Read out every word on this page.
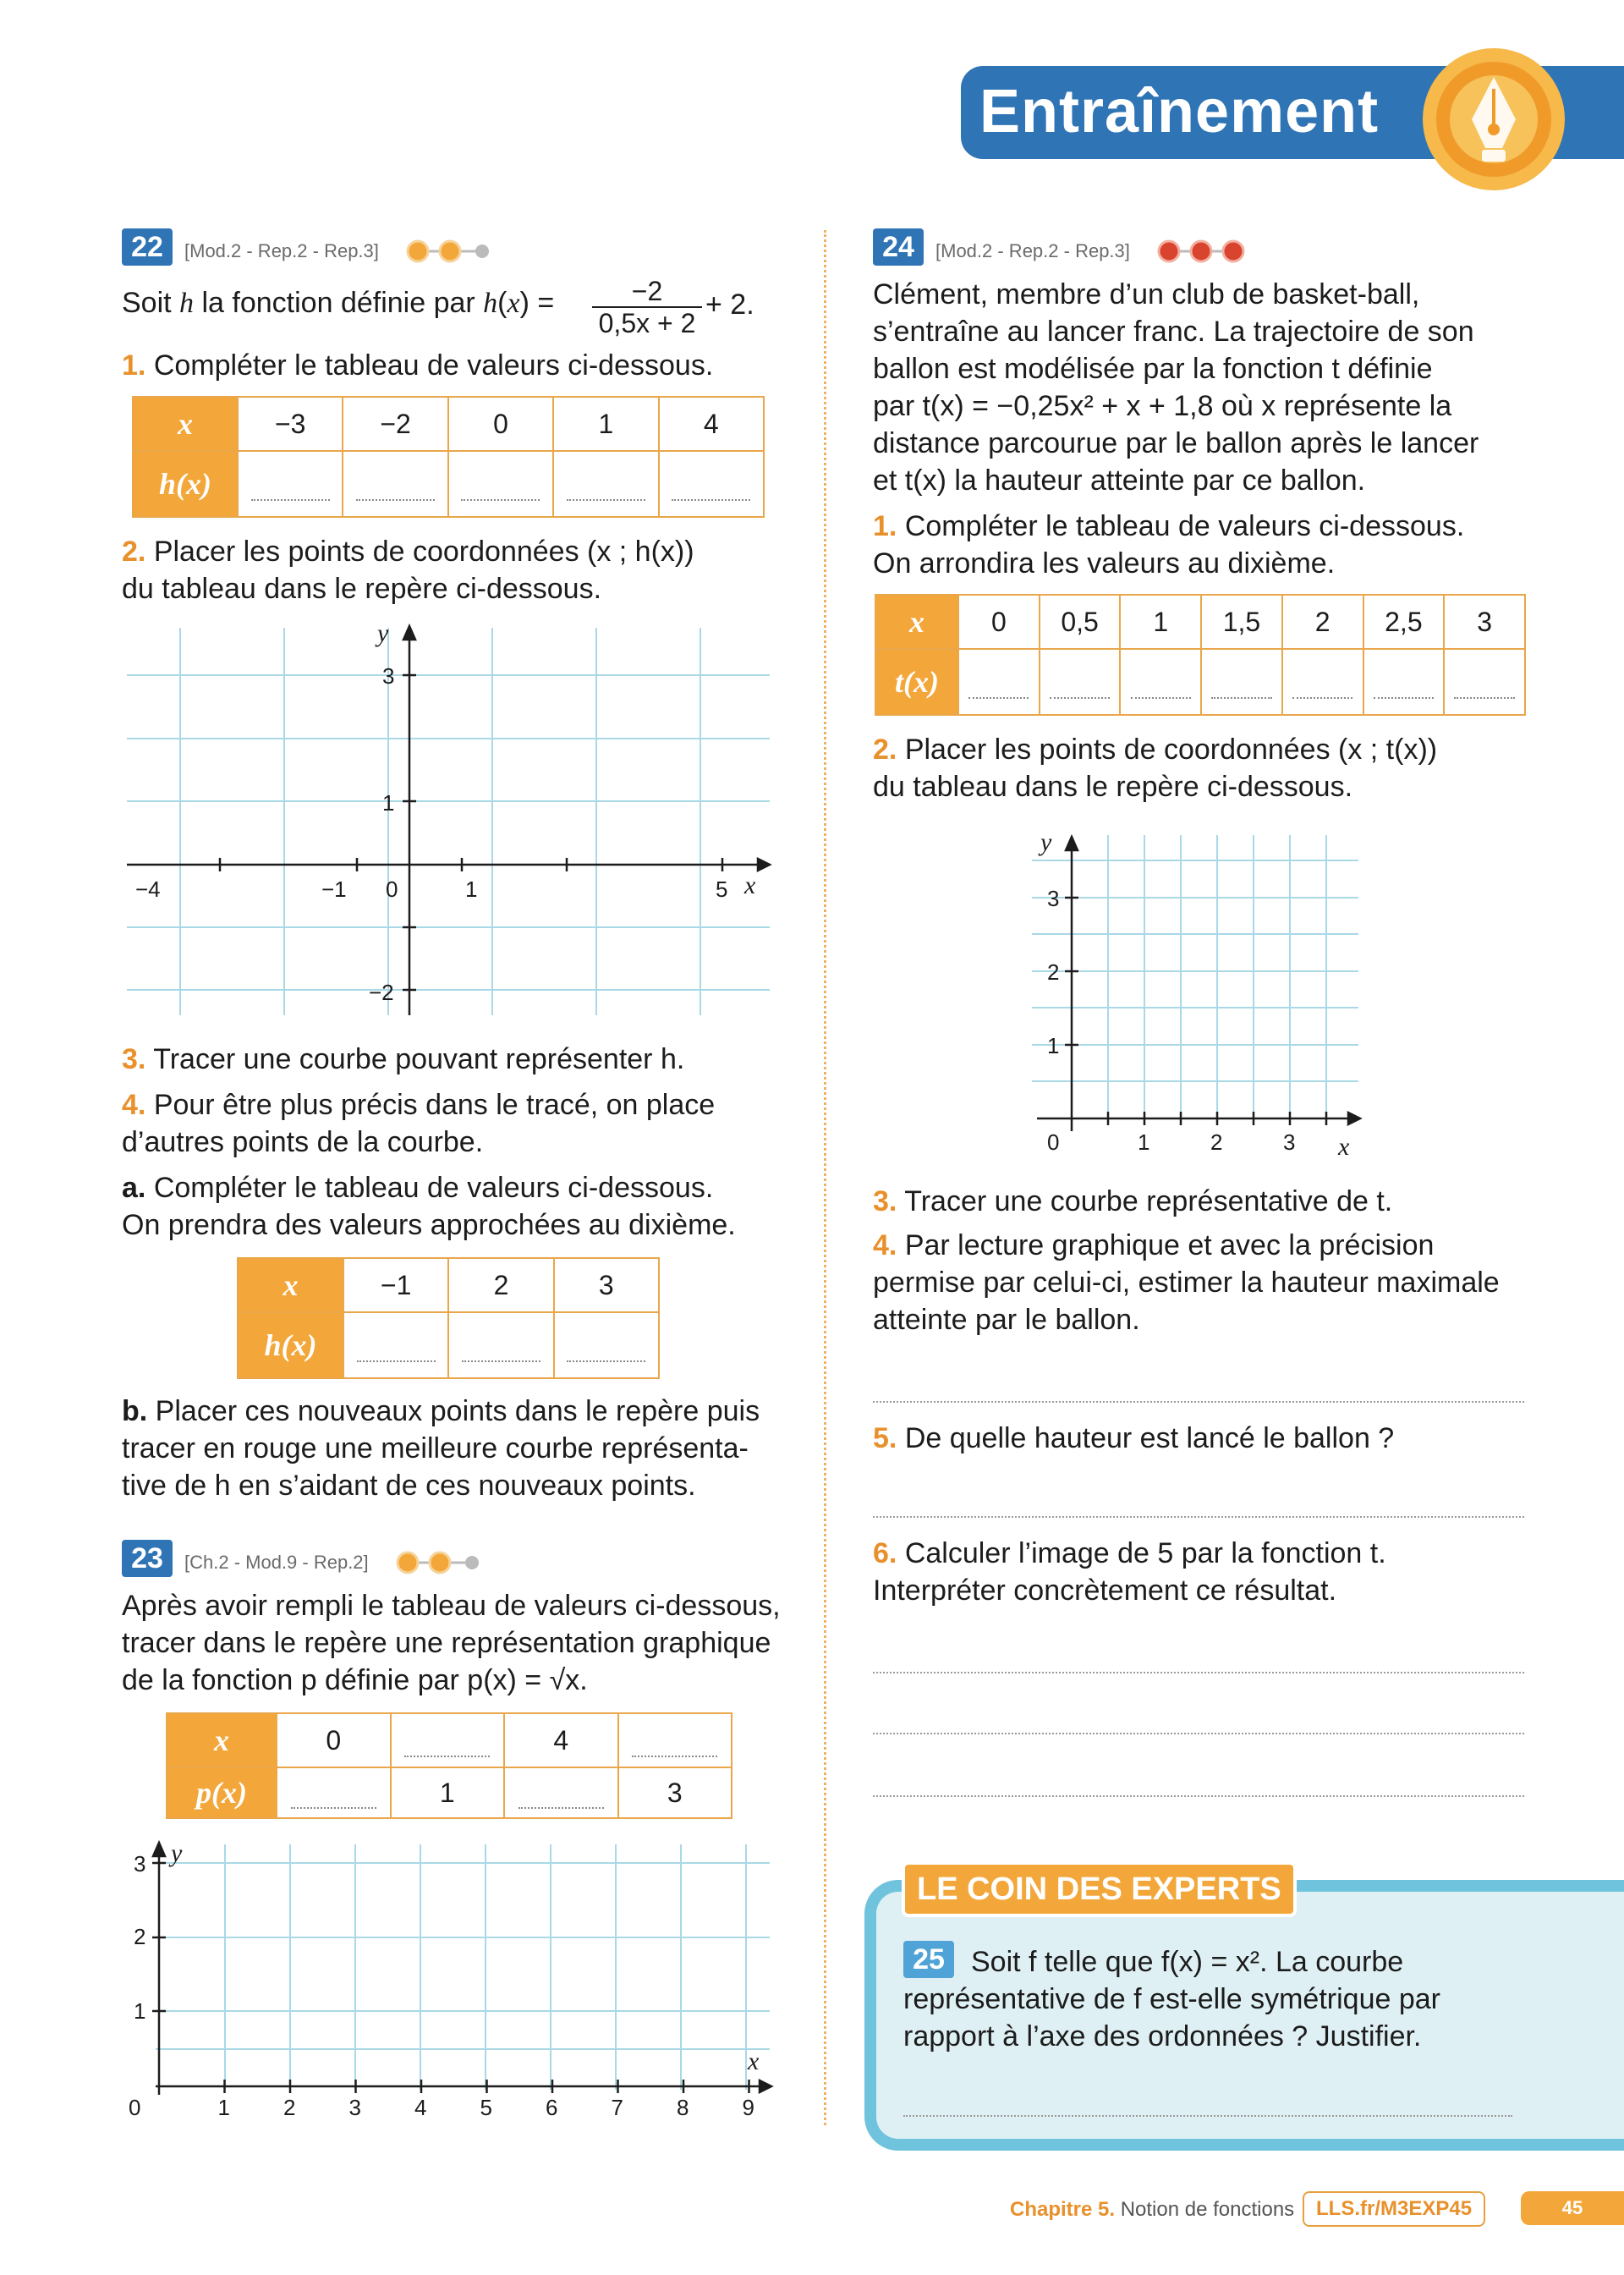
Entraînement
22	[Mod.2 - Rep.2 - Rep.3]
Soit h la fonction définie par $h(x) = \frac{-2}{0,5x + 2} + 2$.
1. Compléter le tableau de valeurs ci-dessous.
x	−3	−2	0	1	4
h(x)					
2. Placer les points de coordonnées (x ; h(x))
du tableau dans le repère ci-dessous.
y
x
3
1
−2
−4	−1 0	1	5
3. Tracer une courbe pouvant représenter h.
4. Pour être plus précis dans le tracé, on place
d’autres points de la courbe.
a. Compléter le tableau de valeurs ci-dessous.
On prendra des valeurs approchées au dixième.
x	−1	2	3
h(x)			
b. Placer ces nouveaux points dans le repère puis
tracer en rouge une meilleure courbe représenta-
tive de h en s’aidant de ces nouveaux points.
23	[Ch.2 - Mod.9 - Rep.2]
Après avoir rempli le tableau de valeurs ci-dessous,
tracer dans le repère une représentation graphique
de la fonction p définie par p(x) = √x.
x	0		4	
p(x)		1		3
y
x
1
2
3
0	1 2 3 4 5 6 7 8 9
24	[Mod.2 - Rep.2 - Rep.3]
Clément, membre d’un club de basket-ball,
s’entraîne au lancer franc. La trajectoire de son
ballon est modélisée par la fonction t définie
par t(x) = −0,25x² + x + 1,8 où x représente la
distance parcourue par le ballon après le lancer
et t(x) la hauteur atteinte par ce ballon.
1. Compléter le tableau de valeurs ci-dessous.
On arrondira les valeurs au dixième.
x	0	0,5	1	1,5	2	2,5	3
t(x)							
2. Placer les points de coordonnées (x ; t(x))
du tableau dans le repère ci-dessous.
y
x
1
2
3
0	1	2	3
3. Tracer une courbe représentative de t.
4. Par lecture graphique et avec la précision
permise par celui-ci, estimer la hauteur maximale
atteinte par le ballon.
5. De quelle hauteur est lancé le ballon ?
6. Calculer l’image de 5 par la fonction t.
Interpréter concrètement ce résultat.
LE COIN DES EXPERTS
25 Soit f telle que f(x) = x². La courbe
représentative de f est-elle symétrique par
rapport à l’axe des ordonnées ? Justifier.
Chapitre 5. Notion de fonctions	LLS.fr/M3EXP45	45
